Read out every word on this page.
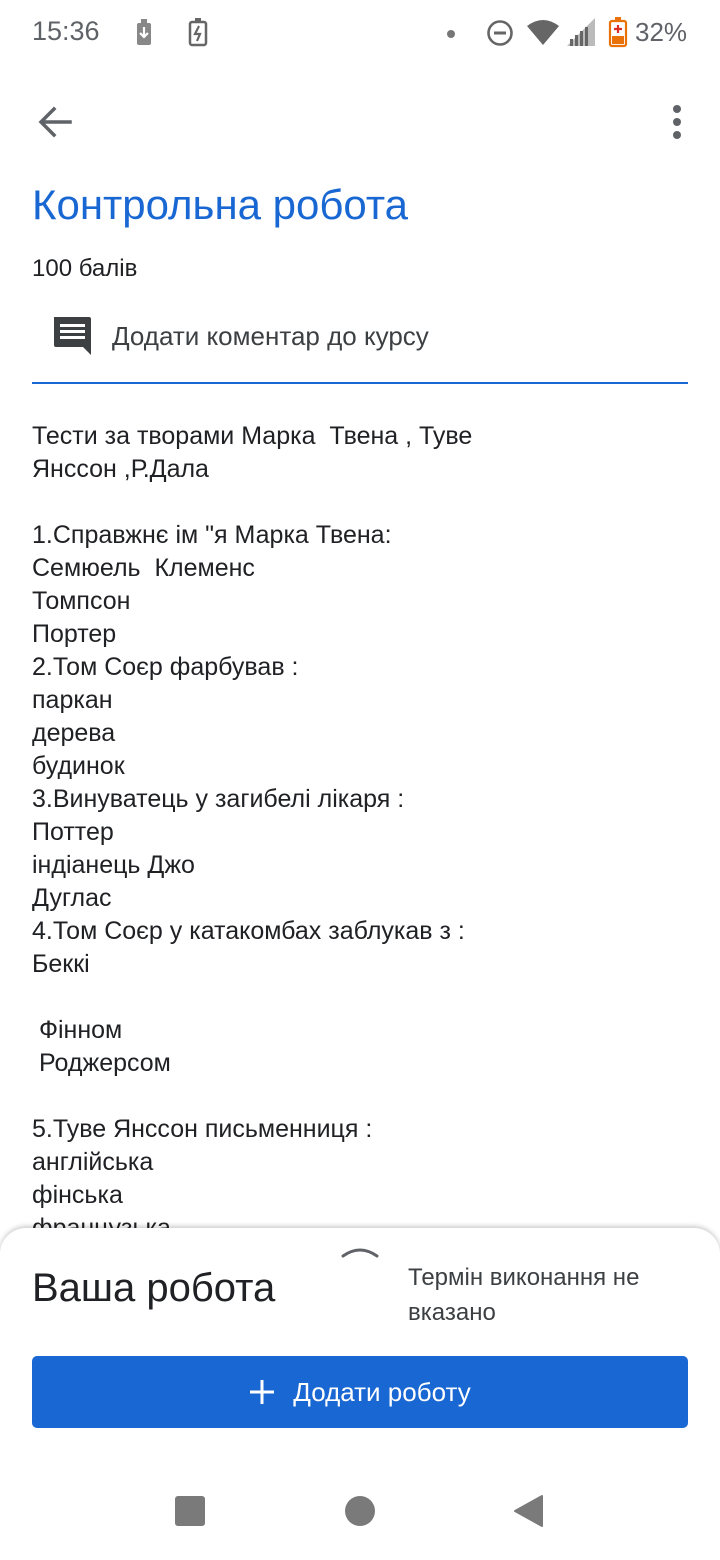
15:36	32%
Контрольна робота
100 балів
Додати коментар до курсу
Тести за творами Марка  Твена , Туве
Янссон ,Р.Дала
1.Справжнє ім "я Марка Твена:
Семюель  Клеменс
Томпсон
Портер
2.Том Соєр фарбував :
паркан
дерева
будинок
3.Винуватець у загибелі лікаря :
Поттер
індіанець Джо
Дуглас
4.Том Соєр у катакомбах заблукав з :
Беккі
Фінном
Роджерсом
5.Туве Янссон письменниця :
англійська
фінська
Ваша робота	Термін виконання не вказано
Додати роботу
